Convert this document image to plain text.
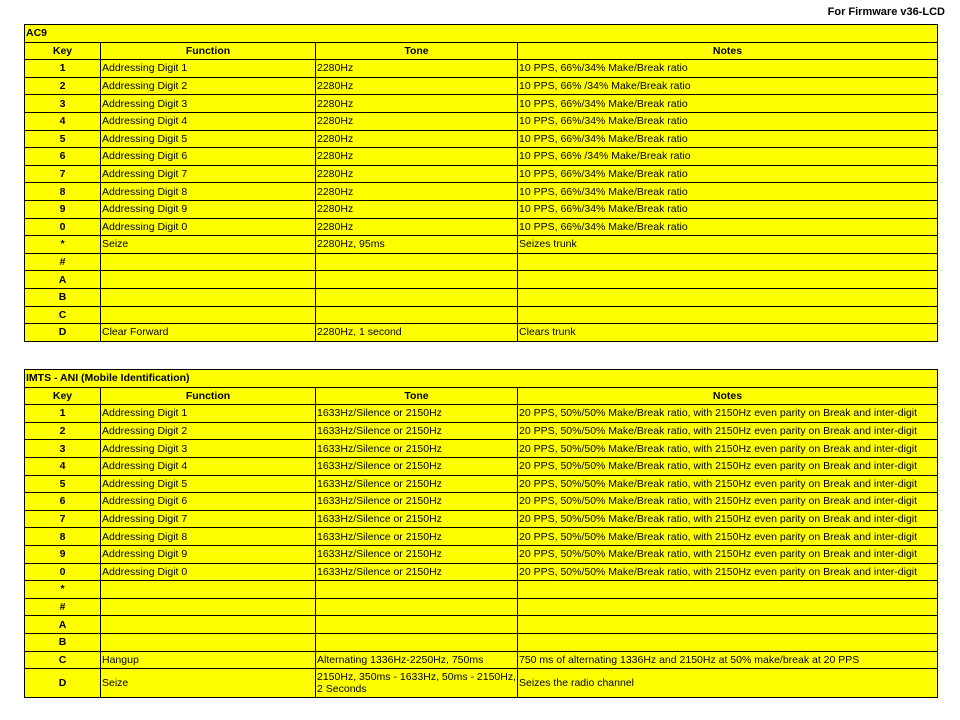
For Firmware v36-LCD
AC9			
Key	Function	Tone	Notes
1	Addressing Digit 1	2280Hz	10 PPS, 66%/34% Make/Break ratio
2	Addressing Digit 2	2280Hz	10 PPS, 66% /34% Make/Break ratio
3	Addressing Digit 3	2280Hz	10 PPS, 66%/34% Make/Break ratio
4	Addressing Digit 4	2280Hz	10 PPS, 66%/34% Make/Break ratio
5	Addressing Digit 5	2280Hz	10 PPS, 66%/34% Make/Break ratio
6	Addressing Digit 6	2280Hz	10 PPS, 66% /34% Make/Break ratio
7	Addressing Digit 7	2280Hz	10 PPS, 66%/34% Make/Break ratio
8	Addressing Digit 8	2280Hz	10 PPS, 66%/34% Make/Break ratio
9	Addressing Digit 9	2280Hz	10 PPS, 66%/34% Make/Break ratio
0	Addressing Digit 0	2280Hz	10 PPS, 66%/34% Make/Break ratio
*	Seize	2280Hz, 95ms	Seizes trunk
#			
A			
B			
C			
D	Clear Forward	2280Hz, 1 second	Clears trunk
IMTS - ANI (Mobile Identification)			
Key	Function	Tone	Notes
1	Addressing Digit 1	1633Hz/Silence or 2150Hz	20 PPS, 50%/50% Make/Break ratio, with 2150Hz even parity on Break and inter-digit
2	Addressing Digit 2	1633Hz/Silence or 2150Hz	20 PPS, 50%/50% Make/Break ratio, with 2150Hz even parity on Break and inter-digit
3	Addressing Digit 3	1633Hz/Silence or 2150Hz	20 PPS, 50%/50% Make/Break ratio, with 2150Hz even parity on Break and inter-digit
4	Addressing Digit 4	1633Hz/Silence or 2150Hz	20 PPS, 50%/50% Make/Break ratio, with 2150Hz even parity on Break and inter-digit
5	Addressing Digit 5	1633Hz/Silence or 2150Hz	20 PPS, 50%/50% Make/Break ratio, with 2150Hz even parity on Break and inter-digit
6	Addressing Digit 6	1633Hz/Silence or 2150Hz	20 PPS, 50%/50% Make/Break ratio, with 2150Hz even parity on Break and inter-digit
7	Addressing Digit 7	1633Hz/Silence or 2150Hz	20 PPS, 50%/50% Make/Break ratio, with 2150Hz even parity on Break and inter-digit
8	Addressing Digit 8	1633Hz/Silence or 2150Hz	20 PPS, 50%/50% Make/Break ratio, with 2150Hz even parity on Break and inter-digit
9	Addressing Digit 9	1633Hz/Silence or 2150Hz	20 PPS, 50%/50% Make/Break ratio, with 2150Hz even parity on Break and inter-digit
0	Addressing Digit 0	1633Hz/Silence or 2150Hz	20 PPS, 50%/50% Make/Break ratio, with 2150Hz even parity on Break and inter-digit
*			
#			
A			
B			
C	Hangup	Alternating 1336Hz-2250Hz, 750ms	750 ms of alternating 1336Hz and 2150Hz at 50% make/break at 20 PPS
D	Seize	2150Hz, 350ms - 1633Hz, 50ms - 2150Hz, 2 Seconds	Seizes the radio channel
